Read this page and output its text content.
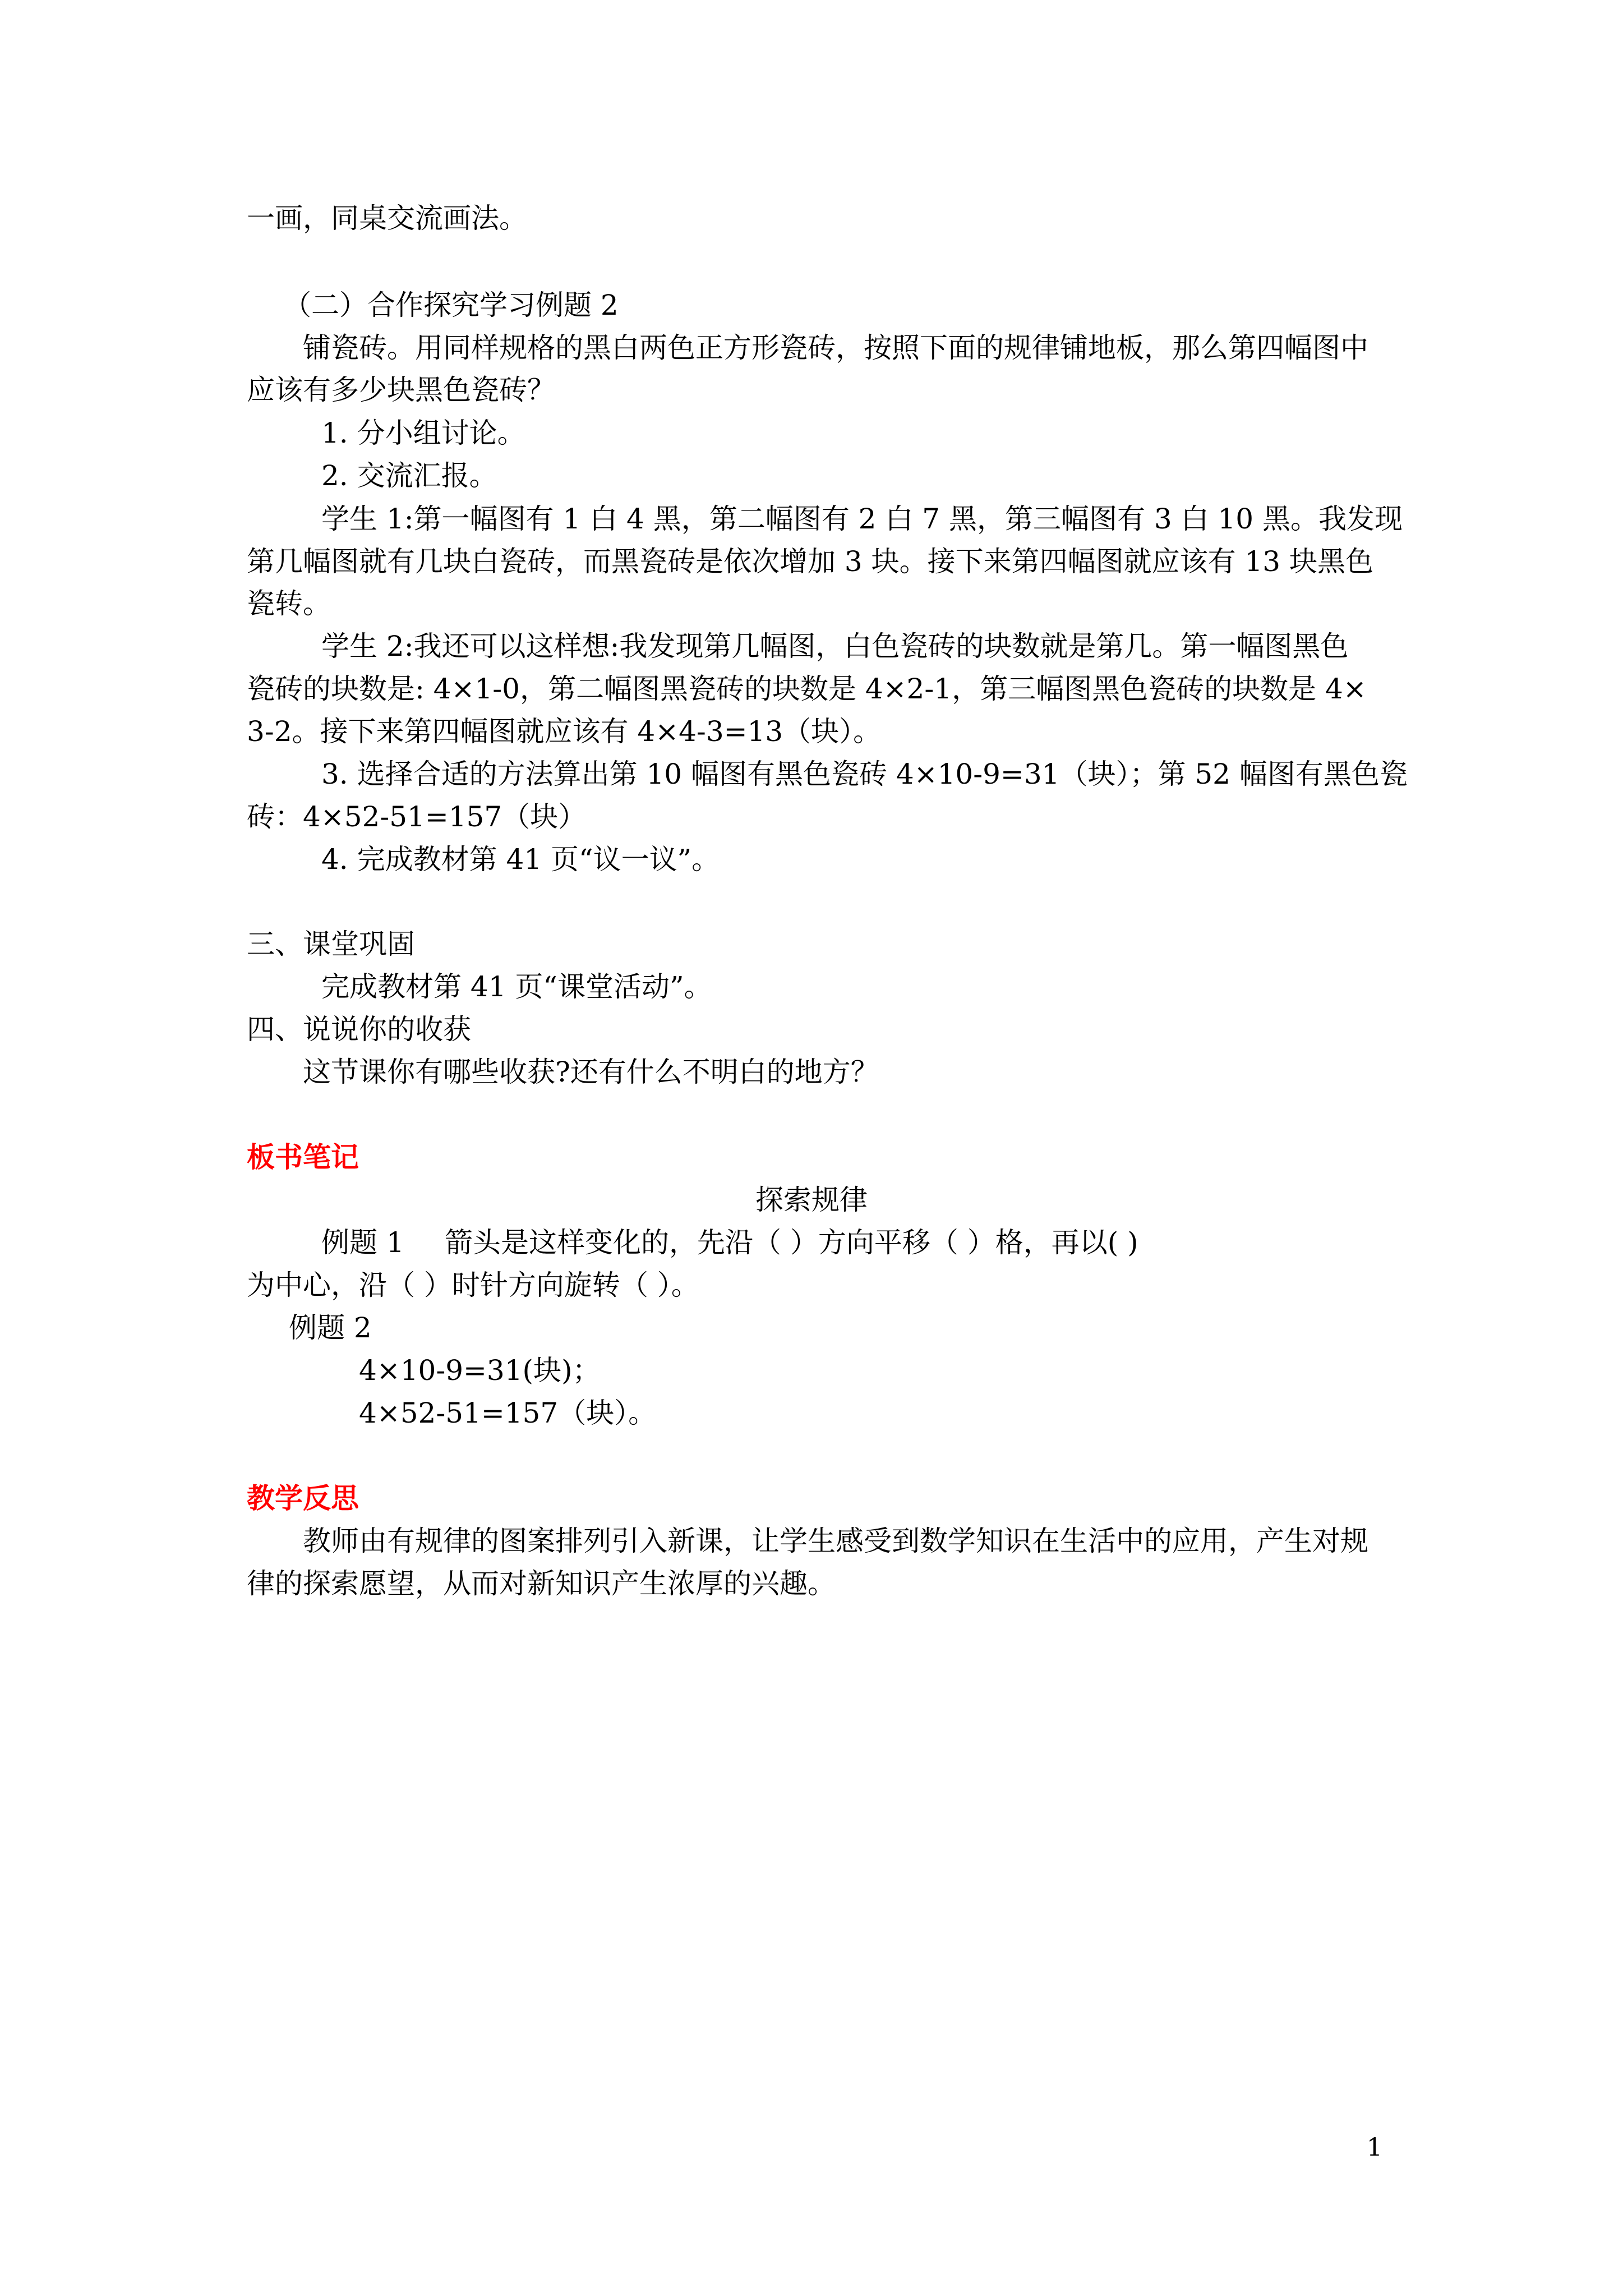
一画，同桌交流画法。
（二）合作探究学习例题 2
铺瓷砖。用同样规格的黑白两色正方形瓷砖，按照下面的规律铺地板，那么第四幅图中
应该有多少块黑色瓷砖？
1. 分小组讨论。
2. 交流汇报。
学生 1:第一幅图有 1 白 4 黑，第二幅图有 2 白 7 黑，第三幅图有 3 白 10 黑。我发现
第几幅图就有几块白瓷砖，而黑瓷砖是依次增加 3 块。接下来第四幅图就应该有 13 块黑色
瓷转。
学生 2:我还可以这样想:我发现第几幅图，白色瓷砖的块数就是第几。第一幅图黑色
瓷砖的块数是: 4×1-0，第二幅图黑瓷砖的块数是 4×2-1，第三幅图黑色瓷砖的块数是 4×
3-2。接下来第四幅图就应该有 4×4-3=13（块）。
3. 选择合适的方法算出第 10 幅图有黑色瓷砖 4×10-9=31（块）；第 52 幅图有黑色瓷
砖：4×52-51=157（块）
4. 完成教材第 41 页“议一议”。
三、课堂巩固
完成教材第 41 页“课堂活动”。
四、说说你的收获
这节课你有哪些收获?还有什么不明白的地方？
板书笔记
探索规律
例题 1 箭头是这样变化的，先沿（ ）方向平移（ ）格，再以( )
为中心，沿（ ）时针方向旋转（ ）。
例题 2
4×10-9=31(块)；
4×52-51=157（块）。
教学反思
教师由有规律的图案排列引入新课，让学生感受到数学知识在生活中的应用，产生对规
律的探索愿望，从而对新知识产生浓厚的兴趣。
1
